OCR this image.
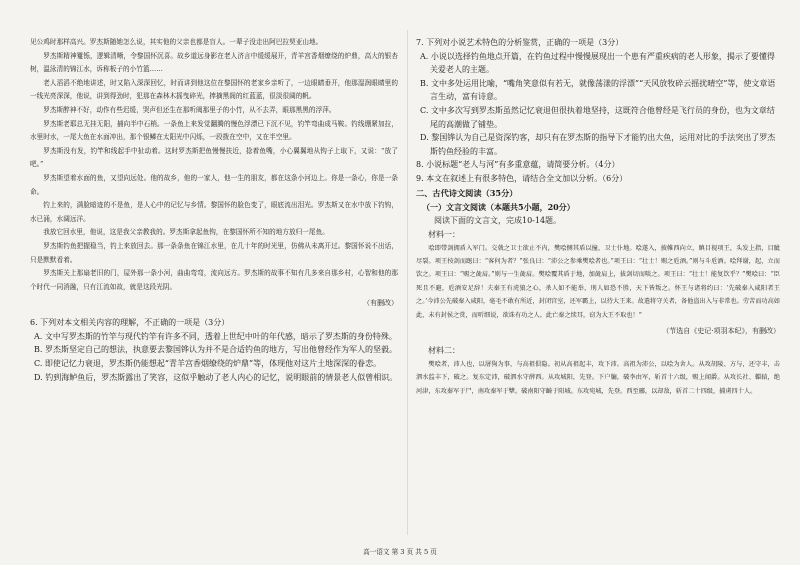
见公鸡时那样高兴。罗杰斯随她怎么说，其实他的父亲也都是盲人。一辈子没走出阿巴拉契亚山地。

罗杰斯精神矍铄，逻辑清晰，令黎国怀沉喜。故乡道远身影在老人济言中缓缓展开，青羊宫香烟缭绕的炉鼎，高大的银杏树，温泳清的锦江水，诉称板子的小竹篮……

老人滔滔不绝地讲述，时又陷入深深回忆，时而讲到他这位在黎国怀的老家乡亲听了，一边眼睛垂开，他那湿润眼睛里的一线光亮深深，他说，讲到得劲时，犯那在森林木摇曳碎光，捧摘黑阁的红蓝蓝，很淡很阔的帆。

罗杰斯醉神不好，动作有些迟缓，哭声但还生在那听阀那里子的小竹，从不去弄，眼那黑黑的浮萍。

罗杰斯老耶总无挂无阳，捕向半中石梢。一条鱼上来发觉翻腾的慢色浮漂已下沉不见，钓竿弯曲成马鞍。钓线绷紧加拉，水里时水，一尾大鱼在水面冲出，那个银鳞在太阳光中闪烁，一段拨在空中，又在半空里。

罗杰斯没有发，钓竿和线起手中扯动着。这时罗杰斯把鱼慢慢扶近，捻着鱼嘴，小心翼翼地从钩子上取下，又说：“放了吧。”

罗杰斯望着水面的鱼，又望向远处。他的故乡，他的一家人，他一生的朋友，都在这条小河边上。你是一条心，你是一条命。

钓上来的，满脸暗迹的不是鱼，是人心中的记忆与乡情。黎国怀的脸色变了，眼底流出泪光。罗杰斯又在水中放下钓钩，水已涌，水阔远洋。

我放它回水里，他说，这是我父亲教我的。罗杰斯拿起鱼钩，在黎国怀所不知的地方放归一尾鱼。

罗杰斯钓鱼把握稳当，钓上来放回去。那一条条鱼在锦江水里，在几十年的时光里，仿佛从未离开过。黎国怀说不出话，只是默默看着。

罗杰斯关上那扇老旧的门，屋外那一条小河，曲曲弯弯，流向远方。罗杰斯的故事不知有几多来自那乡村，心智和他的那个时代一同消融，只有江流如故，就是这段光阴。

（有删改）

6. 下列对本文相关内容的理解，不正确的一项是（3分）

A. 文中写罗杰斯的竹竿与现代钓竿有许多不同，透着上世纪中叶的年代感，暗示了罗杰斯的身份特殊。

B. 罗杰斯坚定自己的想法，执意要去黎国铧认为并不是合适钓鱼的地方，写出他曾经作为军人的坚毅。

C. 即使记忆力衰退，罗杰斯仍能想起“青羊宫香烟缭绕的炉鼎”等，体现他对这片土地深深的眷恋。

D. 钓到海鲈鱼后，罗杰斯露出了笑容，这似乎触动了老人内心的记忆，说明眼前的情景老人似曾相识。

7. 下列对小说艺术特色的分析鉴赏，正确的一项是（3分）

A. 小说以选择钓鱼地点开篇，在钓鱼过程中慢慢展现出一个患有严重疾病的老人形象，揭示了要懂得关爱老人的主题。

B. 文中多处运用比喻，“嘴角笑意似有若无，就像荡漾的浮漂”“天风放牧碎云摇扰晴空”等，使文章语言生动，富有诗意。

C. 文中多次写到罗杰斯虽然记忆衰退但很执着地坚持，这既符合他曾经是飞行员的身份，也为文章结尾的高潮做了铺垫。

D. 黎国铧认为自己是资深钓客，却只有在罗杰斯的指导下才能钓出大鱼，运用对比的手法突出了罗杰斯钓鱼经验的丰富。

8. 小说标题“老人与河”有多重意蕴，请简要分析。（4分）

9. 本文在叙述上有很多特色，请结合全文加以分析。（6分）

二、古代诗文阅读（35分）

（一）文言文阅读（本题共5小题，20分）

阅读下面的文言文，完成10-14题。

材料一：

哙即带剑拥盾入军门。交戟之卫士欲止不内，樊哙侧其盾以撞，卫士仆地。哙遂入，披帷西向立，瞋目视项王，头发上指，目眦尽裂。项王按剑而跽曰：“客何为者？”张良曰：“沛公之参乘樊哙者也。”项王曰：“壮士！赐之卮酒。”则与斗卮酒。哙拜谢，起，立而饮之。项王曰：“赐之彘肩。”则与一生彘肩。樊哙覆其盾于地，加彘肩上，拔剑切而啖之。项王曰：“壮士！能复饮乎？”樊哙曰：“臣死且不避，卮酒安足辞！夫秦王有虎狼之心，杀人如不能举，刑人如恐不胜，天下皆叛之。怀王与诸将约曰：‘先破秦入咸阳者王之。’今沛公先破秦入咸阳，毫毛不敢有所近，封闭宫室，还军霸上，以待大王来。故遣将守关者，备他盗出入与非常也。劳苦而功高如此，未有封侯之赏，而听细说，欲诛有功之人。此亡秦之续耳，窃为大王不取也！”

（节选自《史记·项羽本纪》，有删改）

材料二：

樊哙者，沛人也，以屠狗为事，与高祖俱隐。初从高祖起丰，攻下沛。高祖为沛公，以哙为舍人。从攻胡陵、方与，还守丰，击泗水监丰下，破之。复东定沛，破泗水守薛西。从攻城阳，先登。下户牖，破李由军，斩首十六级，赐上闻爵。从攻长社、轘辕，绝河津，东攻秦军于尸，南攻秦军于犨。破南阳守齮于阳城。东攻宛城，先登。西至郦，以却敌，斩首二十四级，捕虏四十人。

高一语文 第 3 页 共 5 页
